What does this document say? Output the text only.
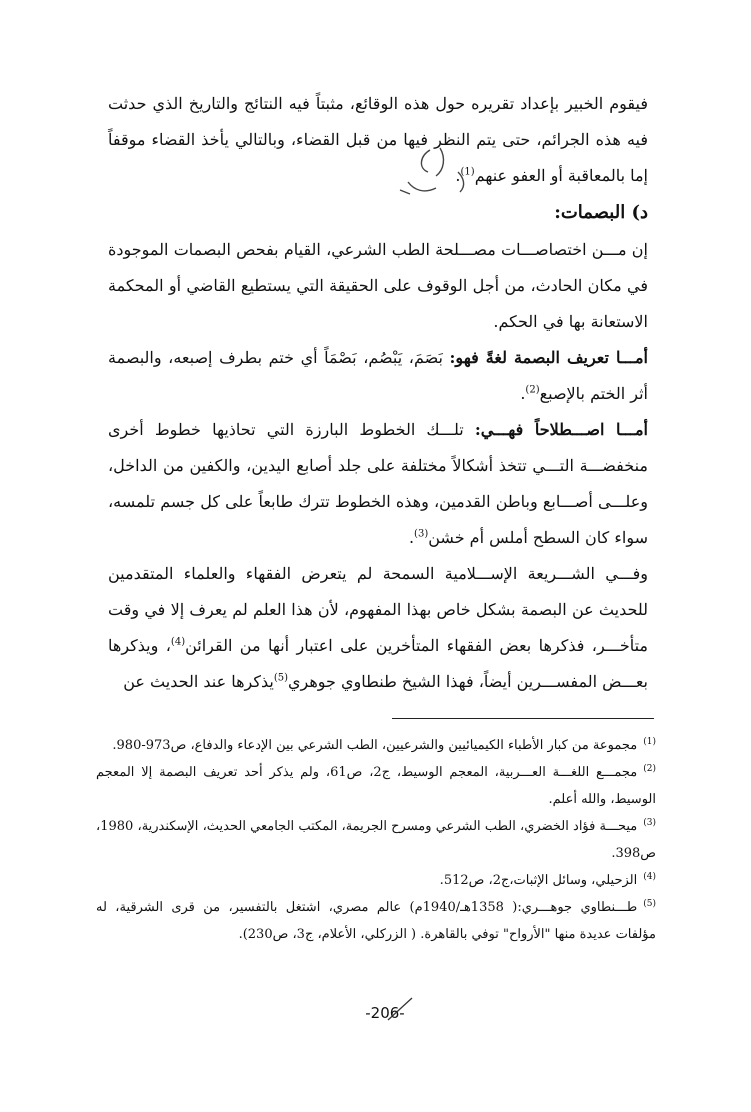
فيقوم الخبير بإعداد تقريره حول هذه الوقائع، مثبتاً فيه النتائج والتاريخ الذي حدثت فيه هذه الجرائم، حتى يتم النظر فيها من قبل القضاء، وبالتالي يأخذ القضاء موقفاً إما بالمعاقبة أو العفو عنهم$^{(1)}$.

د) البصمات:

إن مـــن اختصاصـــات مصـــلحة الطب الشرعي، القيام بفحص البصمات الموجودة في مكان الحادث، من أجل الوقوف على الحقيقة التي يستطيع القاضي أو المحكمة الاستعانة بها في الحكم.

أمـــا تعريف البصمة لغةً فهو: بَصَمَ، يَبْصُم، بَصْمَاً أي ختم بطرف إصبعه، والبصمة أثر الختم بالإصبع$^{(2)}$.

أمـــا اصـــطلاحاً فهـــي: تلـــك الخطوط البارزة التي تحاذيها خطوط أخرى منخفضـــة التـــي تتخذ أشكالاً مختلفة على جلد أصابع اليدين، والكفين من الداخل، وعلـــى أصـــابع وباطن القدمين، وهذه الخطوط تترك طابعاً على كل جسم تلمسه، سواء كان السطح أملس أم خشن$^{(3)}$.

وفـــي الشـــريعة الإســـلامية السمحة لم يتعرض الفقهاء والعلماء المتقدمين للحديث عن البصمة بشكل خاص بهذا المفهوم، لأن هذا العلم لم يعرف إلا في وقت متأخـــر، فذكرها بعض الفقهاء المتأخرين على اعتبار أنها من القرائن$^{(4)}$، ويذكرها بعـــض المفســـرين أيضاً، فهذا الشيخ طنطاوي جوهري$^{(5)}$يذكرها عند الحديث عن

$^{(1)}$مجموعة من كبار الأطباء الكيميائيين والشرعيين، الطب الشرعي بين الإدعاء والدفاع، ص973-980.

$^{(2)}$مجمـــع اللغـــة العـــربية، المعجم الوسيط، ج2، ص61، ولم يذكر أحد تعريف البصمة إلا المعجم الوسيط، والله أعلم.

$^{(3)}$ميحـــة فؤاد الخضري، الطب الشرعي ومسرح الجريمة، المكتب الجامعي الحديث، الإسكندرية، 1980، ص398.

$^{(4)}$الزحيلي، وسائل الإثبات،ج2، ص512.

$^{(5)}$طـــنطاوي جوهـــري:( 1358هـ/1940م) عالم مصري، اشتغل بالتفسير، من قرى الشرقية، له مؤلفات عديدة منها "الأرواح" توفي بالقاهرة. ( الزركلي، الأعلام، ج3، ص230).

-206-
